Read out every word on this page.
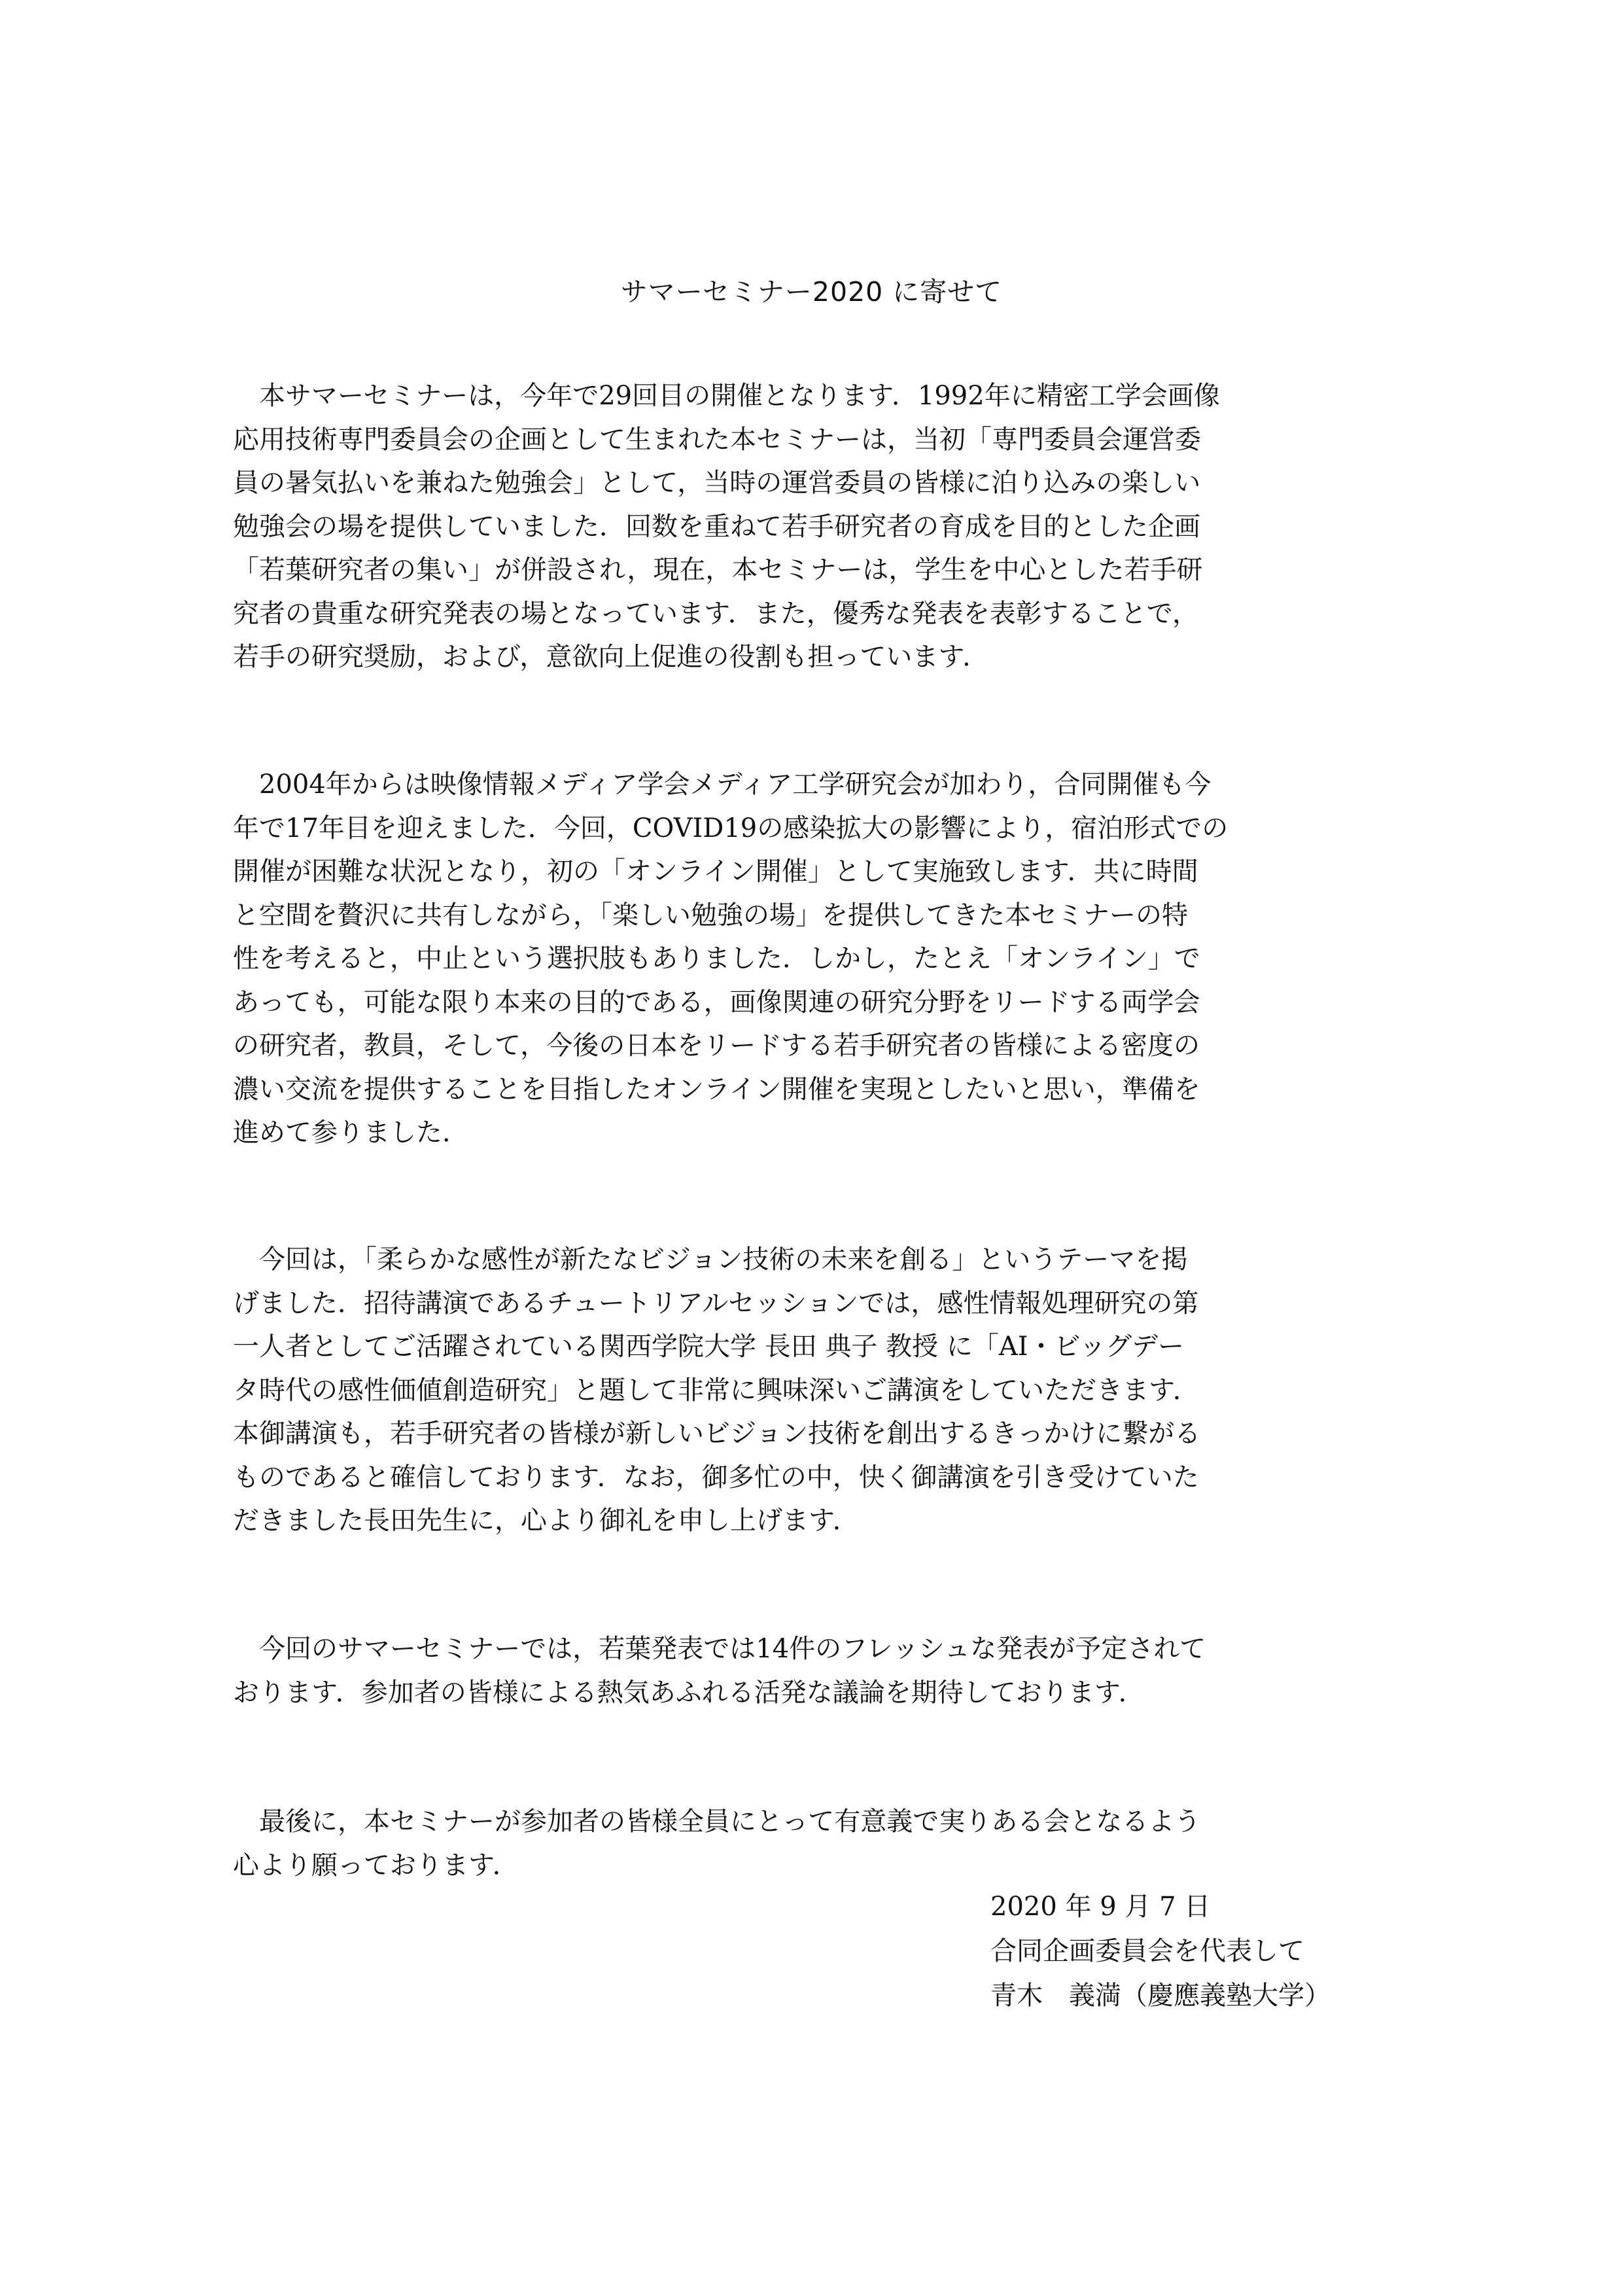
サマーセミナー2020 に寄せて

　本サマーセミナーは，今年で29回目の開催となります．1992年に精密工学会画像
応用技術専門委員会の企画として生まれた本セミナーは，当初「専門委員会運営委
員の暑気払いを兼ねた勉強会」として，当時の運営委員の皆様に泊り込みの楽しい
勉強会の場を提供していました．回数を重ねて若手研究者の育成を目的とした企画
「若葉研究者の集い」が併設され，現在，本セミナーは，学生を中心とした若手研
究者の貴重な研究発表の場となっています．また，優秀な発表を表彰することで，
若手の研究奨励，および，意欲向上促進の役割も担っています．

　2004年からは映像情報メディア学会メディア工学研究会が加わり，合同開催も今
年で17年目を迎えました．今回，COVID19の感染拡大の影響により，宿泊形式での
開催が困難な状況となり，初の「オンライン開催」として実施致します．共に時間
と空間を贅沢に共有しながら，「楽しい勉強の場」を提供してきた本セミナーの特
性を考えると，中止という選択肢もありました．しかし，たとえ「オンライン」で
あっても，可能な限り本来の目的である，画像関連の研究分野をリードする両学会
の研究者，教員，そして，今後の日本をリードする若手研究者の皆様による密度の
濃い交流を提供することを目指したオンライン開催を実現としたいと思い，準備を
進めて参りました．

　今回は，「柔らかな感性が新たなビジョン技術の未来を創る」というテーマを掲
げました．招待講演であるチュートリアルセッションでは，感性情報処理研究の第
一人者としてご活躍されている関西学院大学 長田 典子 教授 に「AI・ビッグデー
タ時代の感性価値創造研究」と題して非常に興味深いご講演をしていただきます．
本御講演も，若手研究者の皆様が新しいビジョン技術を創出するきっかけに繋がる
ものであると確信しております．なお，御多忙の中，快く御講演を引き受けていた
だきました長田先生に，心より御礼を申し上げます．

　今回のサマーセミナーでは，若葉発表では14件のフレッシュな発表が予定されて
おります．参加者の皆様による熱気あふれる活発な議論を期待しております．

　最後に，本セミナーが参加者の皆様全員にとって有意義で実りある会となるよう
心より願っております．

2020 年 9 月 7 日
合同企画委員会を代表して
青木　義満（慶應義塾大学）
